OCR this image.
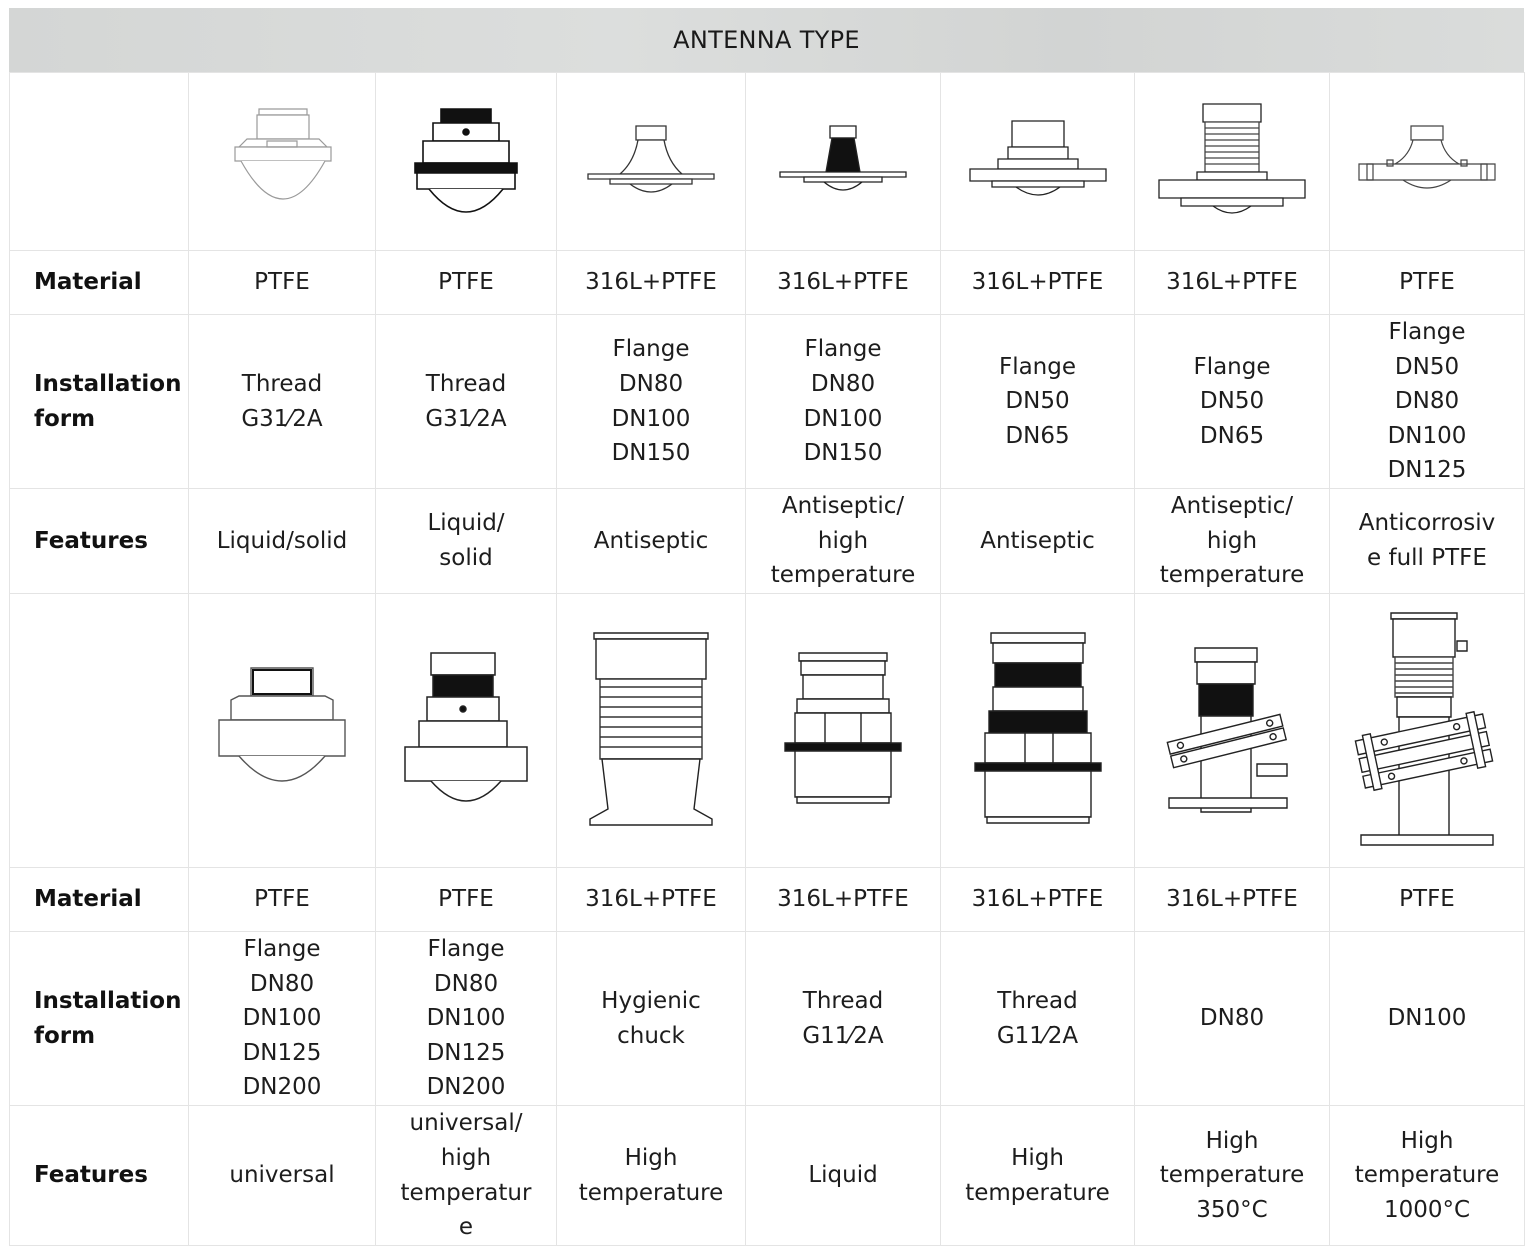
ANTENNA TYPE

Material	PTFE	PTFE	316L+PTFE	316L+PTFE	316L+PTFE	316L+PTFE	PTFE

Installation
form	Thread
G31⁄2A	Thread
G31⁄2A	Flange
DN80
DN100
DN150	Flange
DN80
DN100
DN150	Flange
DN50
DN65	Flange
DN50
DN65	Flange
DN50
DN80
DN100
DN125

Features	Liquid/solid	Liquid/
solid	Antiseptic	Antiseptic/
high
temperature	Antiseptic	Antiseptic/
high
temperature	Anticorrosiv
e full PTFE

Material	PTFE	PTFE	316L+PTFE	316L+PTFE	316L+PTFE	316L+PTFE	PTFE

Installation
form	Flange
DN80
DN100
DN125
DN200	Flange
DN80
DN100
DN125
DN200	Hygienic
chuck	Thread
G11⁄2A	Thread
G11⁄2A	DN80	DN100

Features	universal	universal/
high
temperatur
e	High
temperature	Liquid	High
temperature	High
temperature
350°C	High
temperature
1000°C
